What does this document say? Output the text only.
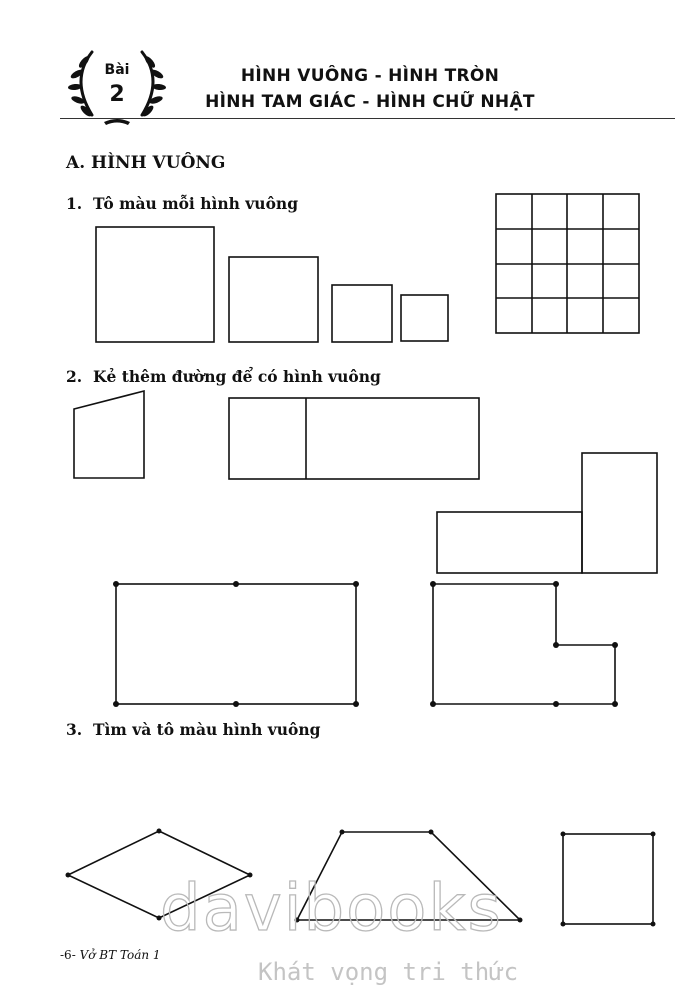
Bài
2
HÌNH VUÔNG - HÌNH TRÒN
HÌNH TAM GIÁC - HÌNH CHỮ NHẬT
A. HÌNH VUÔNG
1. Tô màu mỗi hình vuông
2. Kẻ thêm đường để có hình vuông
3. Tìm và tô màu hình vuông
davibooks
Khát vọng tri thức
-6- Vở BT Toán 1
